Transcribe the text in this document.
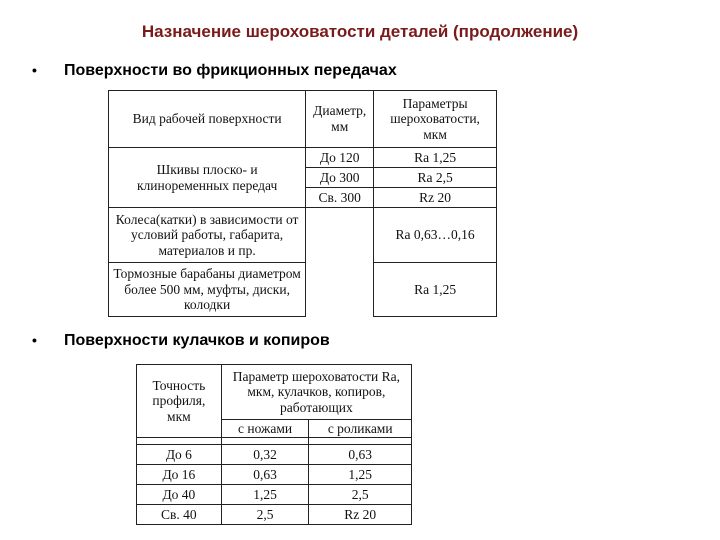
Назначение шероховатости деталей (продолжение)
• Поверхности во фрикционных передачах
Вид рабочей поверхности	Диаметр, мм	Параметры шероховатости, мкм
Шкивы плоско- и клиноременных передач	До 120	Ra 1,25
	До 300	Ra 2,5
	Св. 300	Rz 20
Колеса(катки) в зависимости от условий работы, габарита, материалов и пр.		Ra 0,63…0,16
Тормозные барабаны диаметром более 500 мм, муфты, диски, колодки		Ra 1,25
• Поверхности кулачков и копиров
Точность профиля, мкм	Параметр шероховатости Ra, мкм, кулачков, копиров, работающих	
	с ножами	с роликами

До 6	0,32	0,63
До 16	0,63	1,25
До 40	1,25	2,5
Св. 40	2,5	Rz 20
